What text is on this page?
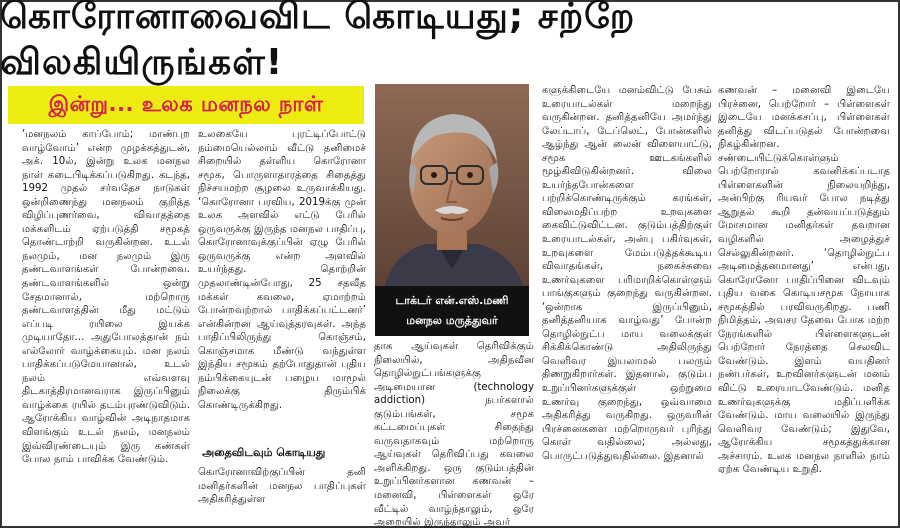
கொரோனாவைவிட கொடியது; சற்றே விலகியிருங்கள்!
இன்று... உலக மனநல நாள்
டாக்டர் என்.எஸ்.மணி
மனநல மருத்துவர்

‘மனநலம் காப்போம்; மாண்புற வாழ்வோம்’ என்ற முழக்கத்துடன், அக். 10ல், இன்று உலக மனநல நாள் கடைபிடிக்கப்படுகிறது. கடந்த, 1992 முதல் சர்வதேச நாடுகள் ஒன்றிணைந்து மனநலம் குறித்த விழிப்புணர்வை, விவாதத்தை மக்களிடம் ஏற்படுத்தி சமூகத் தொண்டாற்றி வருகின்றன. உடல் நலமும், மன நலமும் இரு தண்டவாளங்கள் போன்றவை. தண்டவாளங்களில் ஒன்று சேதமானால், மற்றொரு தண்டவாளத்தின் மீது மட்டும் எப்படி ரயிலை இயக்க முடியாதோ... அதுபோலத்தான் நம் எல்லோர் வாழ்க்கையும். மன நலம் பாதிக்கப்படுமேயானால், உடல் நலம் எவ்வளவு திடகாத்திரமானவராக இருப்பினும் வாழ்க்கை ரயில் தடம்புரண்டுவிடும். ஆரோக்கிய வாழ்வின் அடிநாதமாக விளங்கும் உடல் நலம், மனநலம் இவ்விரண்டையும் இரு கண்கள் போல நாம் பாவிக்க வேண்டும்.

உலகையே புரட்டிப்போட்டு நம்மையெல்லாம் வீட்டு தனிமைச் சிறையில் தள்ளிய கொரோனா சமூக, பொருளாதாரத்தை சிதைத்து நிச்சயமற்ற சூழலை உருவாக்கியது. ‘கொரோனா பரவிய, 2019க்கு முன் உலக அளவில் எட்டு பேரில் ஒருவருக்கு இருந்த மனநல பாதிப்பு, கொரோனாவுக்குப்பின் ஏழு பேரில் ஒருவருக்கு என்ற அளவில் உயர்ந்தது. தொற்றின் முதலாண்டின்போது, 25 சதவீத மக்கள் கவலை, ஏமாற்றம் போன்றவற்றால் பாதிக்கப்பட்டனர்’ என்கின்றன ஆய்வுத்தரவுகள். அந்த பாதிப்பிலிருந்து கொஞ்சம், கொஞ்சமாக மீண்டு வந்துள்ள இந்திய சமூகம் தற்போதுதான் புதிய நம்பிக்கையுடன் பழைய மாமூல் நிலைக்கு திரும்பிக் கொண்டிருக்கிறது.

அதைவிடவும் கொடியது

கொரோனாவிற்குப்பின் தனி மனிதர்களின் மனநல பாதிப்புகள் அதிகரித்துள்ள

தாக ஆய்வுகள் தெரிவிக்கும் நிலையில், அதிநவீன தொழில்நுட்பங்களுக்கு அடிமையான (technology addiction) நபர்களால் குடும்பங்கள், சமூக கட்டமைப்புகள் சிதைந்து வருவதாகவும் மற்றொரு ஆய்வுகள் தெரிவிப்பது கவலை அளிக்கிறது. ஒரு குடும்பத்தின் உறுப்பினர்களான கணவன் – மனைவி, பிள்ளைகள் ஒரே வீட்டில் வாழ்ந்தாலும், ஒரே அறையில் இருந்தாலும் அவர்

களுக்கிடையே மனம்விட்டு பேசும் உரையாடல்கள் மறைந்து வருகின்றன. தனித்தனியே அமர்ந்து லேப்டாப், டேப்லெட், போன்களில் ஆழ்ந்து ஆன் லைன் விளையாட்டு, சமூக ஊடகங்களில் மூழ்கிவிடுகின்றனர். விலை உயர்ந்தபோன்களை பற்றிக்கொண்டிருக்கும் கரங்கள், விலைமதிப்பற்ற உறவுகளை கைவிட்டுவிட்டன. குடும்பத்திற்குள் உரையாடல்கள், அன்பு பகிர்வுகள், உறவுகளை மேம்படுத்தக்கூடிய விவாதங்கள், நகைச்சுவை உணர்வுகளை பரிமாறிக்கொள்ளும் பாங்குகளும் குறைந்து வருகின்றன. ‘ஒன்றாக இருப்பினும், தனித்தனியாக வாழ்வது’ போன்ற தொழில்நுட்ப மாய வலைக்குள் சிக்கிக்கொண்டு அதிலிருந்து வெளிவர இயலாமல் பலரும் திணறுகிறார்கள். இதனால், குடும்ப உறுப்பினர்களுக்குள் ஒற்றுமை உணர்வு குறைந்து, ஒவ்வாமை அதிகரித்து வருகிறது. ஒருவரின் பிரச்னைகளை மற்றொருவர் புரிந்து கொள் வதில்லை; அல்லது, பொருட்படுத்துவதில்லை. இதனால்

கணவன் – மனைவி இடையே பிரச்னை, பெற்றோர் – பிள்ளைகள் இடையே மனக்கசப்பு, பிள்ளைகள் தனித்து விடப்படுதல் போன்றவை நிகழ்கின்றன. சண்டையிட்டுக்கொள்ளும் பெற்றோரால் கவனிக்கப்படாத பிள்ளைகளின் நிலையறிந்து, அன்பிற்கு ரியவர் போல நடித்து ஆறுதல் கூறி தன்வயப்படுத்தும் மோசமான மனிதர்கள் தவறான வழிகளில் அழைத்துச் செல்லுகின்றனர். ‘தொழில்நுட்ப அடிமைத்தனமானது’ என்பது, கொரோனோ பாதிப்பினை விடவும் புதிய வகை கொடியசமூக நோயாக சமூகத்தில் பரவிவருகிறது. பணி நிமித்தம், அவசர தேவை போக மற்ற நேரங்களில் பிள்ளைகளுடன் பெற்றோர் நேரத்தை செலவிட வேண்டும். இளம் வயதினர் நண்பர்கள், உறவினர்களுடன் மனம் விட்டு உரையாடவேண்டும். மனித உணர்வுகளுக்கு மதிப்பளிக்க வேண்டும். மாய வலையில் இருந்து வெளிவர வேண்டும்; இதுவே, ஆரோக்கிய சமூகத்துக்கான அச்சாரம். உலக மனநல நாளில் நாம் ஏற்க வேண்டிய உறுதி.
